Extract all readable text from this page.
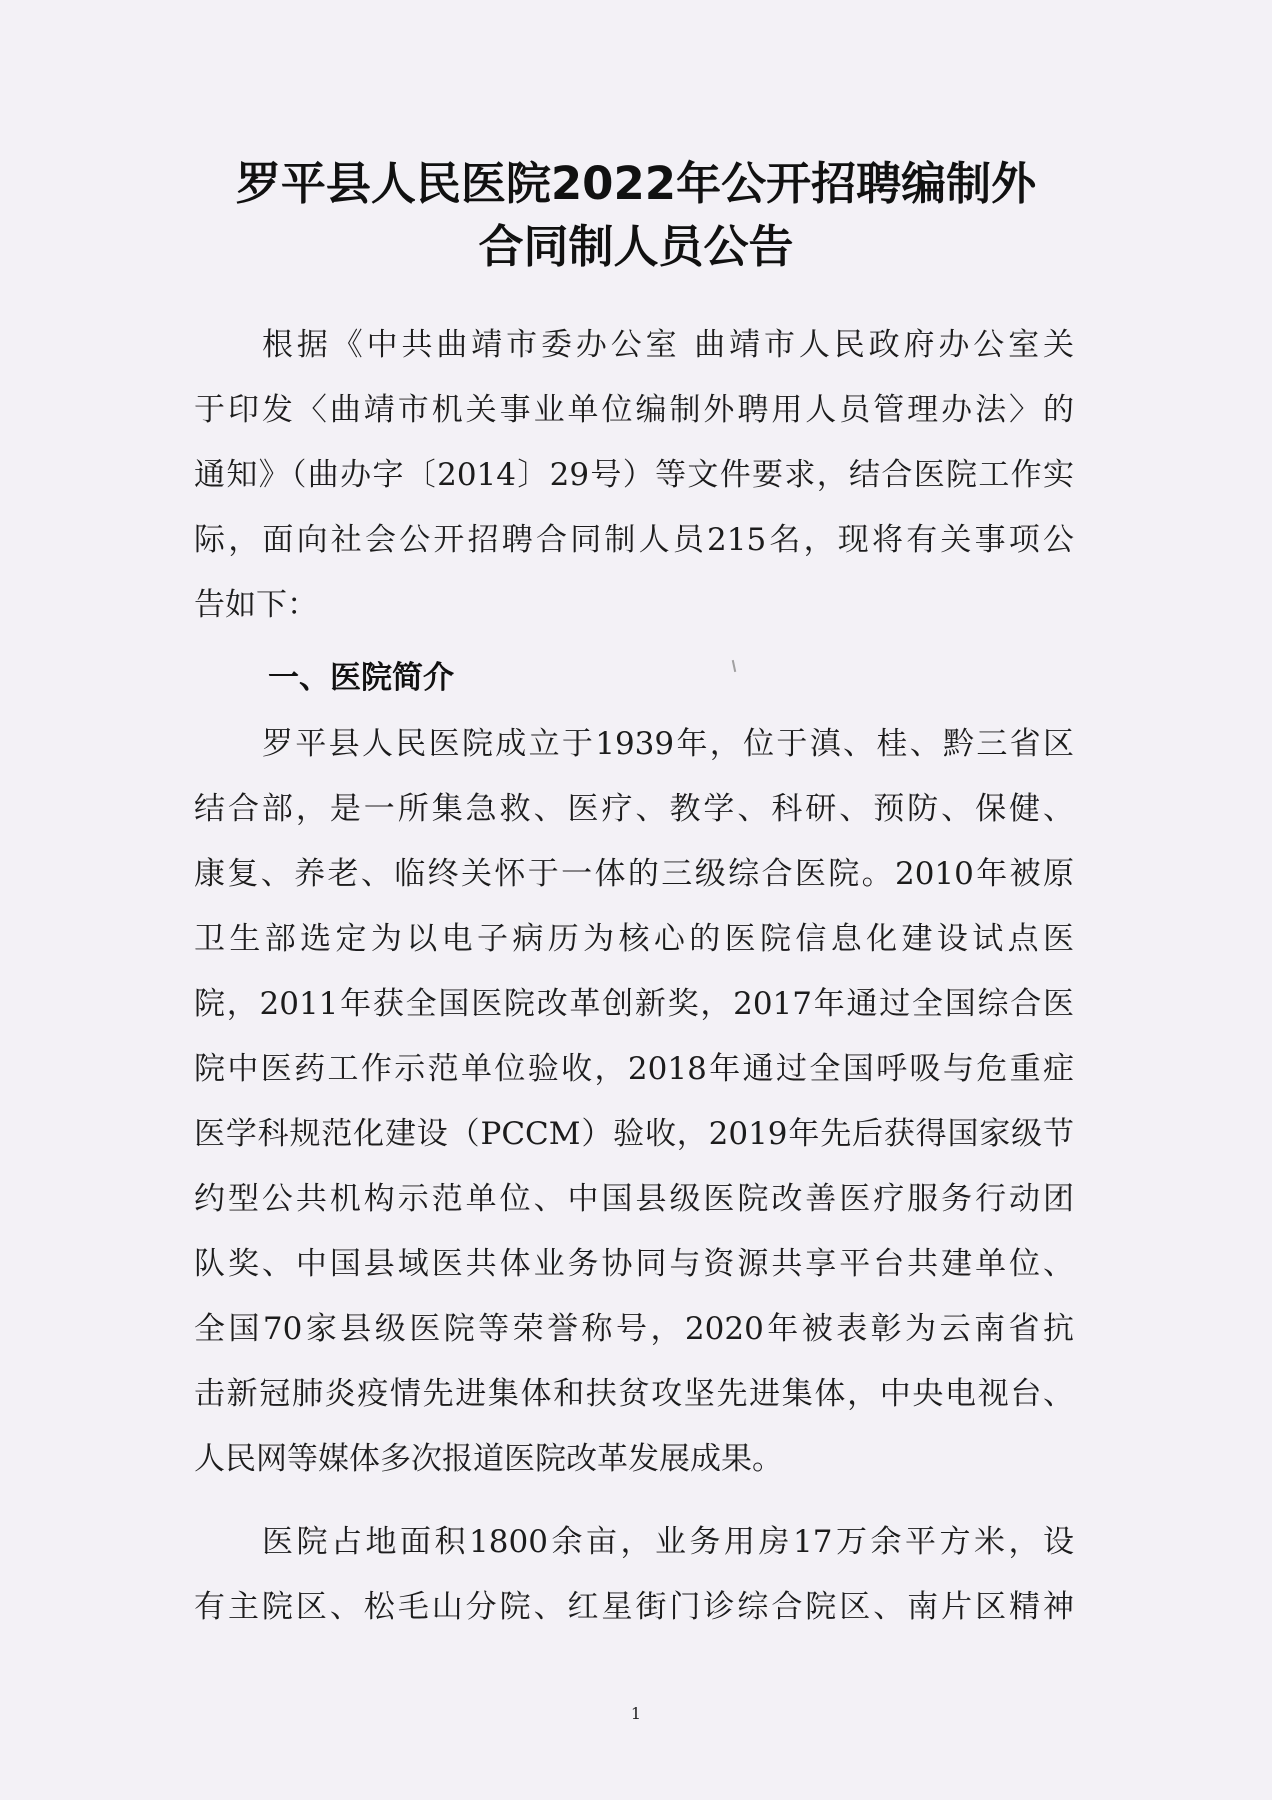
罗平县人民医院2022年公开招聘编制外
合同制人员公告
根据《中共曲靖市委办公室 曲靖市人民政府办公室关
于印发〈曲靖市机关事业单位编制外聘用人员管理办法〉的
通知》（曲办字〔2014〕29号）等文件要求，结合医院工作实
际，面向社会公开招聘合同制人员215名，现将有关事项公
告如下：
一、医院简介
罗平县人民医院成立于1939年，位于滇、桂、黔三省区
结合部，是一所集急救、医疗、教学、科研、预防、保健、
康复、养老、临终关怀于一体的三级综合医院。2010年被原
卫生部选定为以电子病历为核心的医院信息化建设试点医
院，2011年获全国医院改革创新奖，2017年通过全国综合医
院中医药工作示范单位验收，2018年通过全国呼吸与危重症
医学科规范化建设（PCCM）验收，2019年先后获得国家级节
约型公共机构示范单位、中国县级医院改善医疗服务行动团
队奖、中国县域医共体业务协同与资源共享平台共建单位、
全国70家县级医院等荣誉称号，2020年被表彰为云南省抗
击新冠肺炎疫情先进集体和扶贫攻坚先进集体，中央电视台、
人民网等媒体多次报道医院改革发展成果。
医院占地面积1800余亩，业务用房17万余平方米，设
有主院区、松毛山分院、红星街门诊综合院区、南片区精神
1
